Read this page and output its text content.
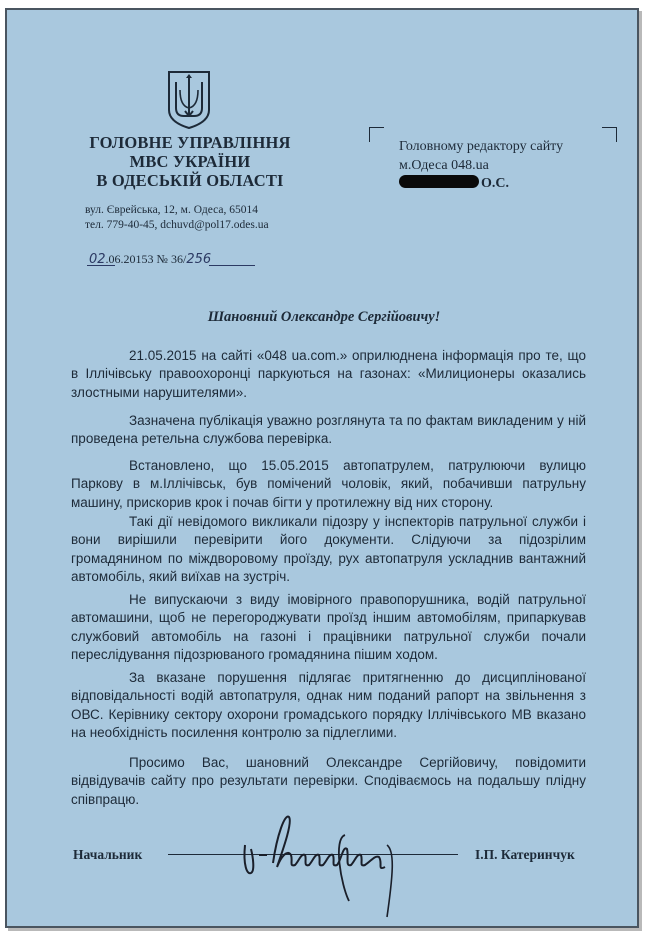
ГОЛОВНЕ УПРАВЛІННЯ
МВС УКРАЇНИ
В ОДЕСЬКІЙ ОБЛАСТІ
вул. Єврейська, 12, м. Одеса, 65014
тел. 779-40-45, dchuvd@pol17.odes.ua
02.06.20153 № 36/256
Головному редактору сайту
м.Одеса 048.ua
О.С.
Шановний Олександре Сергійовичу!
21.05.2015 на сайті «048 ua.com.» оприлюднена інформація про те, що в Іллічівську правоохоронці паркуються на газонах: «Милиционеры оказались злостными нарушителями».
Зазначена публікація уважно розглянута та по фактам викладеним у ній проведена ретельна службова перевірка.
Встановлено, що 15.05.2015 автопатрулем, патрулюючи вулицю Паркову в м.Іллічівськ, був помічений чоловік, який, побачивши патрульну машину, прискорив крок і почав бігти у протилежну від них сторону.
Такі дії невідомого викликали підозру у інспекторів патрульної служби і вони вирішили перевірити його документи. Слідуючи за підозрілим громадянином по міждворовому проїзду, рух автопатруля ускладнив вантажний автомобіль, який виїхав на зустріч.
Не випускаючи з виду імовірного правопорушника, водій патрульної автомашини, щоб не перегороджувати проїзд іншим автомобілям, припаркував службовий автомобіль на газоні і працівники патрульної служби почали переслідування підозрюваного громадянина пішим ходом.
За вказане порушення підлягає притягненню до дисциплінованої відповідальності водій автопатруля, однак ним поданий рапорт на звільнення з ОВС. Керівнику сектору охорони громадського порядку Іллічівського МВ вказано на необхідність посилення контролю за підлеглими.
Просимо Вас, шановний Олександре Сергійовичу, повідомити відвідувачів сайту про результати перевірки. Сподіваємось на подальшу плідну співпрацю.
Начальник	І.П. Катеринчук
